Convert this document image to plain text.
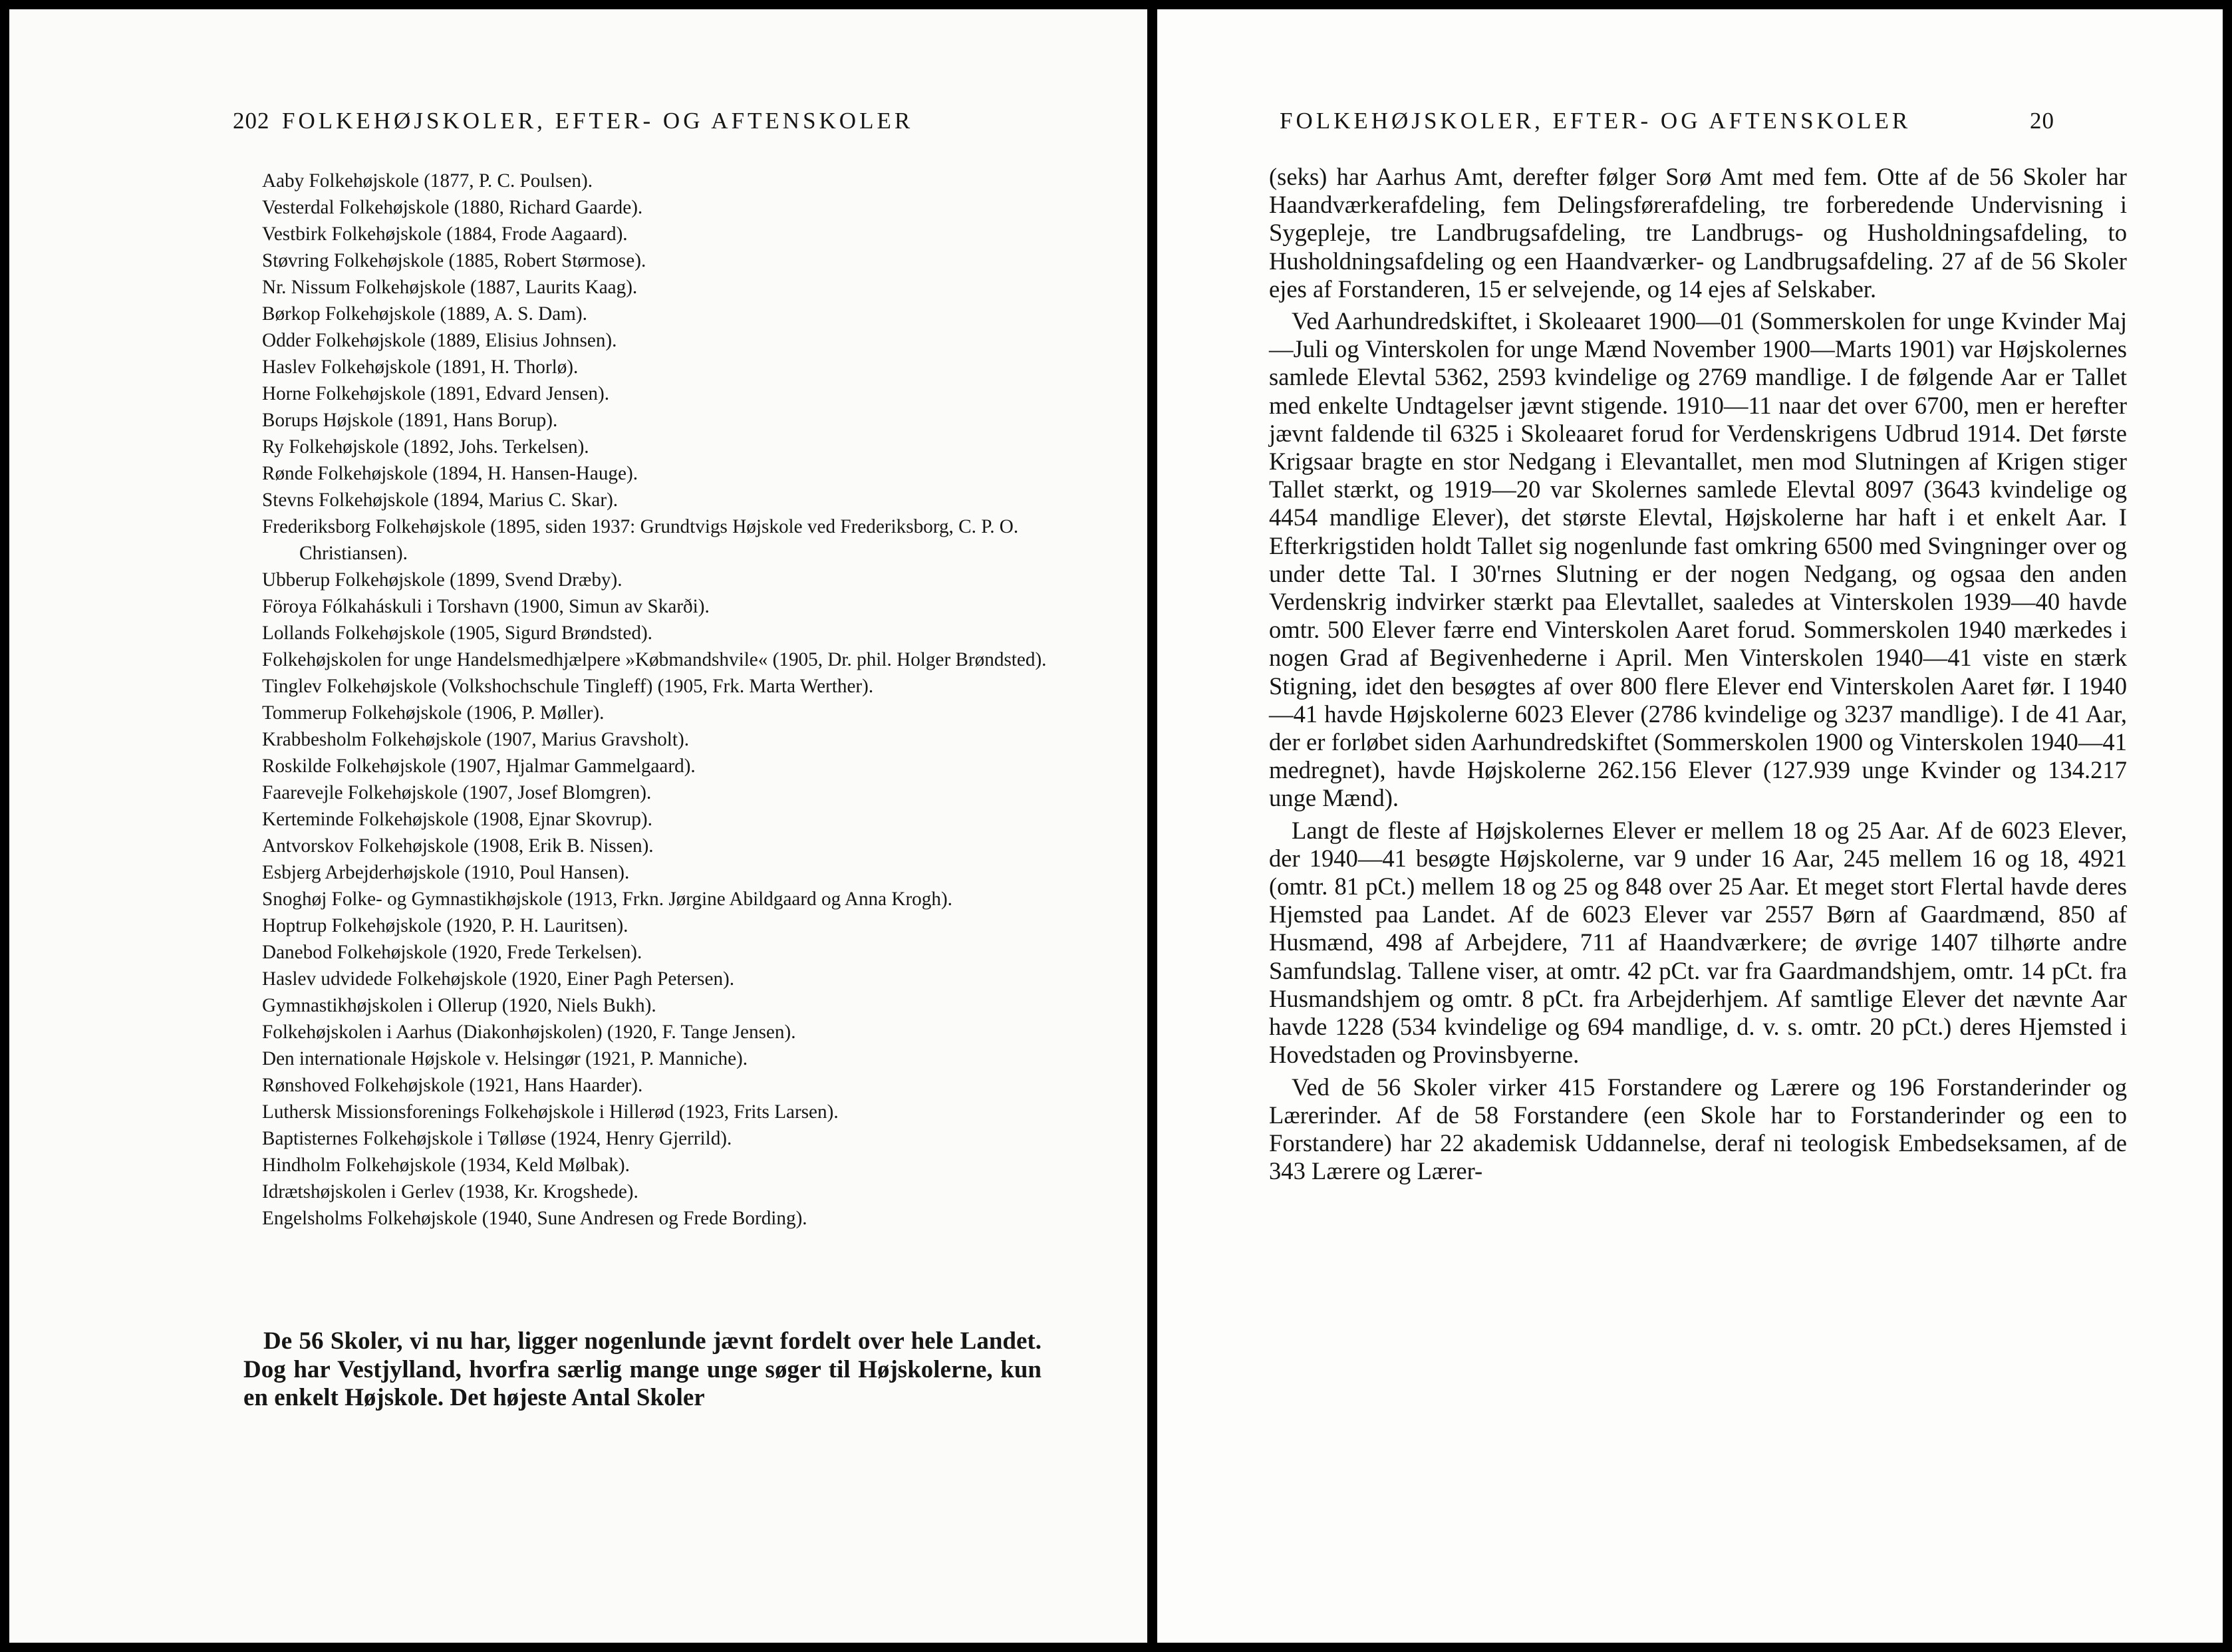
202 FOLKEHØJSKOLER, EFTER- OG AFTENSKOLER
Aaby Folkehøjskole (1877, P. C. Poulsen).
Vesterdal Folkehøjskole (1880, Richard Gaarde).
Vestbirk Folkehøjskole (1884, Frode Aagaard).
Støvring Folkehøjskole (1885, Robert Størmose).
Nr. Nissum Folkehøjskole (1887, Laurits Kaag).
Børkop Folkehøjskole (1889, A. S. Dam).
Odder Folkehøjskole (1889, Elisius Johnsen).
Haslev Folkehøjskole (1891, H. Thorlø).
Horne Folkehøjskole (1891, Edvard Jensen).
Borups Højskole (1891, Hans Borup).
Ry Folkehøjskole (1892, Johs. Terkelsen).
Rønde Folkehøjskole (1894, H. Hansen-Hauge).
Stevns Folkehøjskole (1894, Marius C. Skar).
Frederiksborg Folkehøjskole (1895, siden 1937: Grundtvigs Højskole ved Frederiksborg, C. P. O. Christiansen).
Ubberup Folkehøjskole (1899, Svend Dræby).
Föroya Fólkaháskuli i Torshavn (1900, Simun av Skarði).
Lollands Folkehøjskole (1905, Sigurd Brøndsted).
Folkehøjskolen for unge Handelsmedhjælpere »Købmandshvile« (1905, Dr. phil. Holger Brøndsted).
Tinglev Folkehøjskole (Volkshochschule Tingleff) (1905, Frk. Marta Werther).
Tommerup Folkehøjskole (1906, P. Møller).
Krabbesholm Folkehøjskole (1907, Marius Gravsholt).
Roskilde Folkehøjskole (1907, Hjalmar Gammelgaard).
Faarevejle Folkehøjskole (1907, Josef Blomgren).
Kerteminde Folkehøjskole (1908, Ejnar Skovrup).
Antvorskov Folkehøjskole (1908, Erik B. Nissen).
Esbjerg Arbejderhøjskole (1910, Poul Hansen).
Snoghøj Folke- og Gymnastikhøjskole (1913, Frkn. Jørgine Abildgaard og Anna Krogh).
Hoptrup Folkehøjskole (1920, P. H. Lauritsen).
Danebod Folkehøjskole (1920, Frede Terkelsen).
Haslev udvidede Folkehøjskole (1920, Einer Pagh Petersen).
Gymnastikhøjskolen i Ollerup (1920, Niels Bukh).
Folkehøjskolen i Aarhus (Diakonhøjskolen) (1920, F. Tange Jensen).
Den internationale Højskole v. Helsingør (1921, P. Manniche).
Rønshoved Folkehøjskole (1921, Hans Haarder).
Luthersk Missionsforenings Folkehøjskole i Hillerød (1923, Frits Larsen).
Baptisternes Folkehøjskole i Tølløse (1924, Henry Gjerrild).
Hindholm Folkehøjskole (1934, Keld Mølbak).
Idrætshøjskolen i Gerlev (1938, Kr. Krogshede).
Engelsholms Folkehøjskole (1940, Sune Andresen og Frede Bording).

De 56 Skoler, vi nu har, ligger nogenlunde jævnt fordelt over hele Landet. Dog har Vestjylland, hvorfra særlig mange unge søger til Højskolerne, kun en enkelt Højskole. Det højeste Antal Skoler

FOLKEHØJSKOLER, EFTER- OG AFTENSKOLER	20

(seks) har Aarhus Amt, derefter følger Sorø Amt med fem. Otte af de 56 Skoler har Haandværkerafdeling, fem Delingsførerafdeling, tre forberedende Undervisning i Sygepleje, tre Landbrugsafdeling, tre Landbrugs- og Husholdningsafdeling, to Husholdningsafdeling og een Haandværker- og Landbrugsafdeling. 27 af de 56 Skoler ejes af Forstanderen, 15 er selvejende, og 14 ejes af Selskaber.

Ved Aarhundredskiftet, i Skoleaaret 1900—01 (Sommerskolen for unge Kvinder Maj—Juli og Vinterskolen for unge Mænd November 1900—Marts 1901) var Højskolernes samlede Elevtal 5362, 2593 kvindelige og 2769 mandlige. I de følgende Aar er Tallet med enkelte Undtagelser jævnt stigende. 1910—11 naar det over 6700, men er herefter jævnt faldende til 6325 i Skoleaaret forud for Verdenskrigens Udbrud 1914. Det første Krigsaar bragte en stor Nedgang i Elevantallet, men mod Slutningen af Krigen stiger Tallet stærkt, og 1919—20 var Skolernes samlede Elevtal 8097 (3643 kvindelige og 4454 mandlige Elever), det største Elevtal, Højskolerne har haft i et enkelt Aar. I Efterkrigstiden holdt Tallet sig nogenlunde fast omkring 6500 med Svingninger over og under dette Tal. I 30'rnes Slutning er der nogen Nedgang, og ogsaa den anden Verdenskrig indvirker stærkt paa Elevtallet, saaledes at Vinterskolen 1939—40 havde omtr. 500 Elever færre end Vinterskolen Aaret forud. Sommerskolen 1940 mærkedes i nogen Grad af Begivenhederne i April. Men Vinterskolen 1940—41 viste en stærk Stigning, idet den besøgtes af over 800 flere Elever end Vinterskolen Aaret før. I 1940—41 havde Højskolerne 6023 Elever (2786 kvindelige og 3237 mandlige). I de 41 Aar, der er forløbet siden Aarhundredskiftet (Sommerskolen 1900 og Vinterskolen 1940—41 medregnet), havde Højskolerne 262.156 Elever (127.939 unge Kvinder og 134.217 unge Mænd).

Langt de fleste af Højskolernes Elever er mellem 18 og 25 Aar. Af de 6023 Elever, der 1940—41 besøgte Højskolerne, var 9 under 16 Aar, 245 mellem 16 og 18, 4921 (omtr. 81 pCt.) mellem 18 og 25 og 848 over 25 Aar. Et meget stort Flertal havde deres Hjemsted paa Landet. Af de 6023 Elever var 2557 Børn af Gaardmænd, 850 af Husmænd, 498 af Arbejdere, 711 af Haandværkere; de øvrige 1407 tilhørte andre Samfundslag. Tallene viser, at omtr. 42 pCt. var fra Gaardmandshjem, omtr. 14 pCt. fra Husmandshjem og omtr. 8 pCt. fra Arbejderhjem. Af samtlige Elever det nævnte Aar havde 1228 (534 kvindelige og 694 mandlige, d. v. s. omtr. 20 pCt.) deres Hjemsted i Hovedstaden og Provinsbyerne.

Ved de 56 Skoler virker 415 Forstandere og Lærere og 196 Forstanderinder og Lærerinder. Af de 58 Forstandere (een Skole har to Forstanderinder og een to Forstandere) har 22 akademisk Uddannelse, deraf ni teologisk Embedseksamen, af de 343 Lærere og Lærer-
